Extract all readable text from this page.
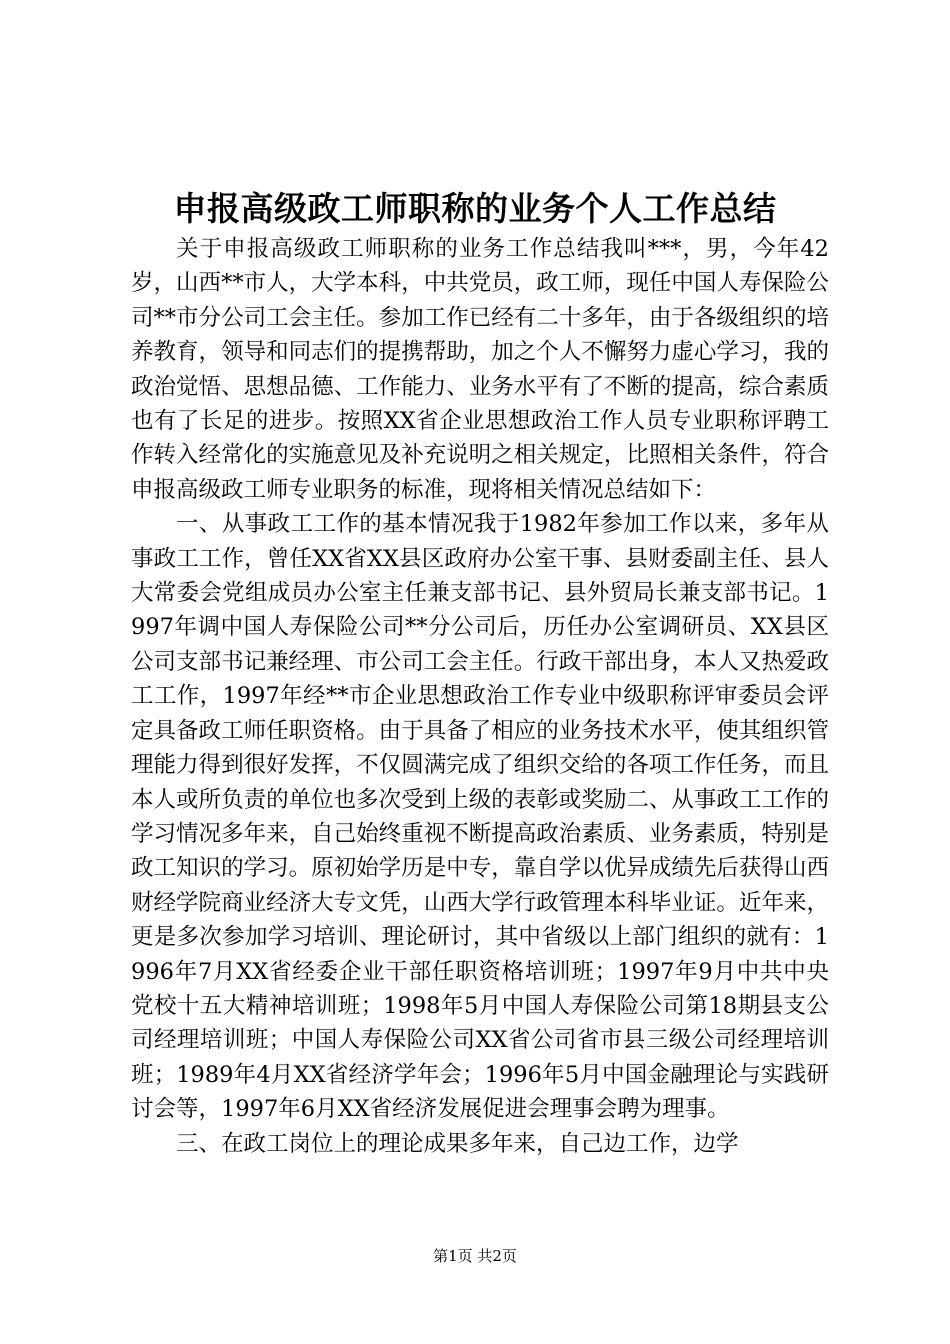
申报高级政工师职称的业务个人工作总结

关于申报高级政工师职称的业务工作总结我叫***，男，今年42岁，山西**市人，大学本科，中共党员，政工师，现任中国人寿保险公司**市分公司工会主任。参加工作已经有二十多年，由于各级组织的培养教育，领导和同志们的提携帮助，加之个人不懈努力虚心学习，我的政治觉悟、思想品德、工作能力、业务水平有了不断的提高，综合素质也有了长足的进步。按照XX省企业思想政治工作人员专业职称评聘工作转入经常化的实施意见及补充说明之相关规定，比照相关条件，符合申报高级政工师专业职务的标准，现将相关情况总结如下：

一、从事政工工作的基本情况我于1982年参加工作以来，多年从事政工工作，曾任XX省XX县区政府办公室干事、县财委副主任、县人大常委会党组成员办公室主任兼支部书记、县外贸局长兼支部书记。1997年调中国人寿保险公司**分公司后，历任办公室调研员、XX县区公司支部书记兼经理、市公司工会主任。行政干部出身，本人又热爱政工工作，1997年经**市企业思想政治工作专业中级职称评审委员会评定具备政工师任职资格。由于具备了相应的业务技术水平，使其组织管理能力得到很好发挥，不仅圆满完成了组织交给的各项工作任务，而且本人或所负责的单位也多次受到上级的表彰或奖励二、从事政工工作的学习情况多年来，自己始终重视不断提高政治素质、业务素质，特别是政工知识的学习。原初始学历是中专，靠自学以优异成绩先后获得山西财经学院商业经济大专文凭，山西大学行政管理本科毕业证。近年来，更是多次参加学习培训、理论研讨，其中省级以上部门组织的就有：1996年7月XX省经委企业干部任职资格培训班；1997年9月中共中央党校十五大精神培训班；1998年5月中国人寿保险公司第18期县支公司经理培训班；中国人寿保险公司XX省公司省市县三级公司经理培训班；1989年4月XX省经济学年会；1996年5月中国金融理论与实践研讨会等，1997年6月XX省经济发展促进会理事会聘为理事。

三、在政工岗位上的理论成果多年来，自己边工作，边学

第1页 共2页
